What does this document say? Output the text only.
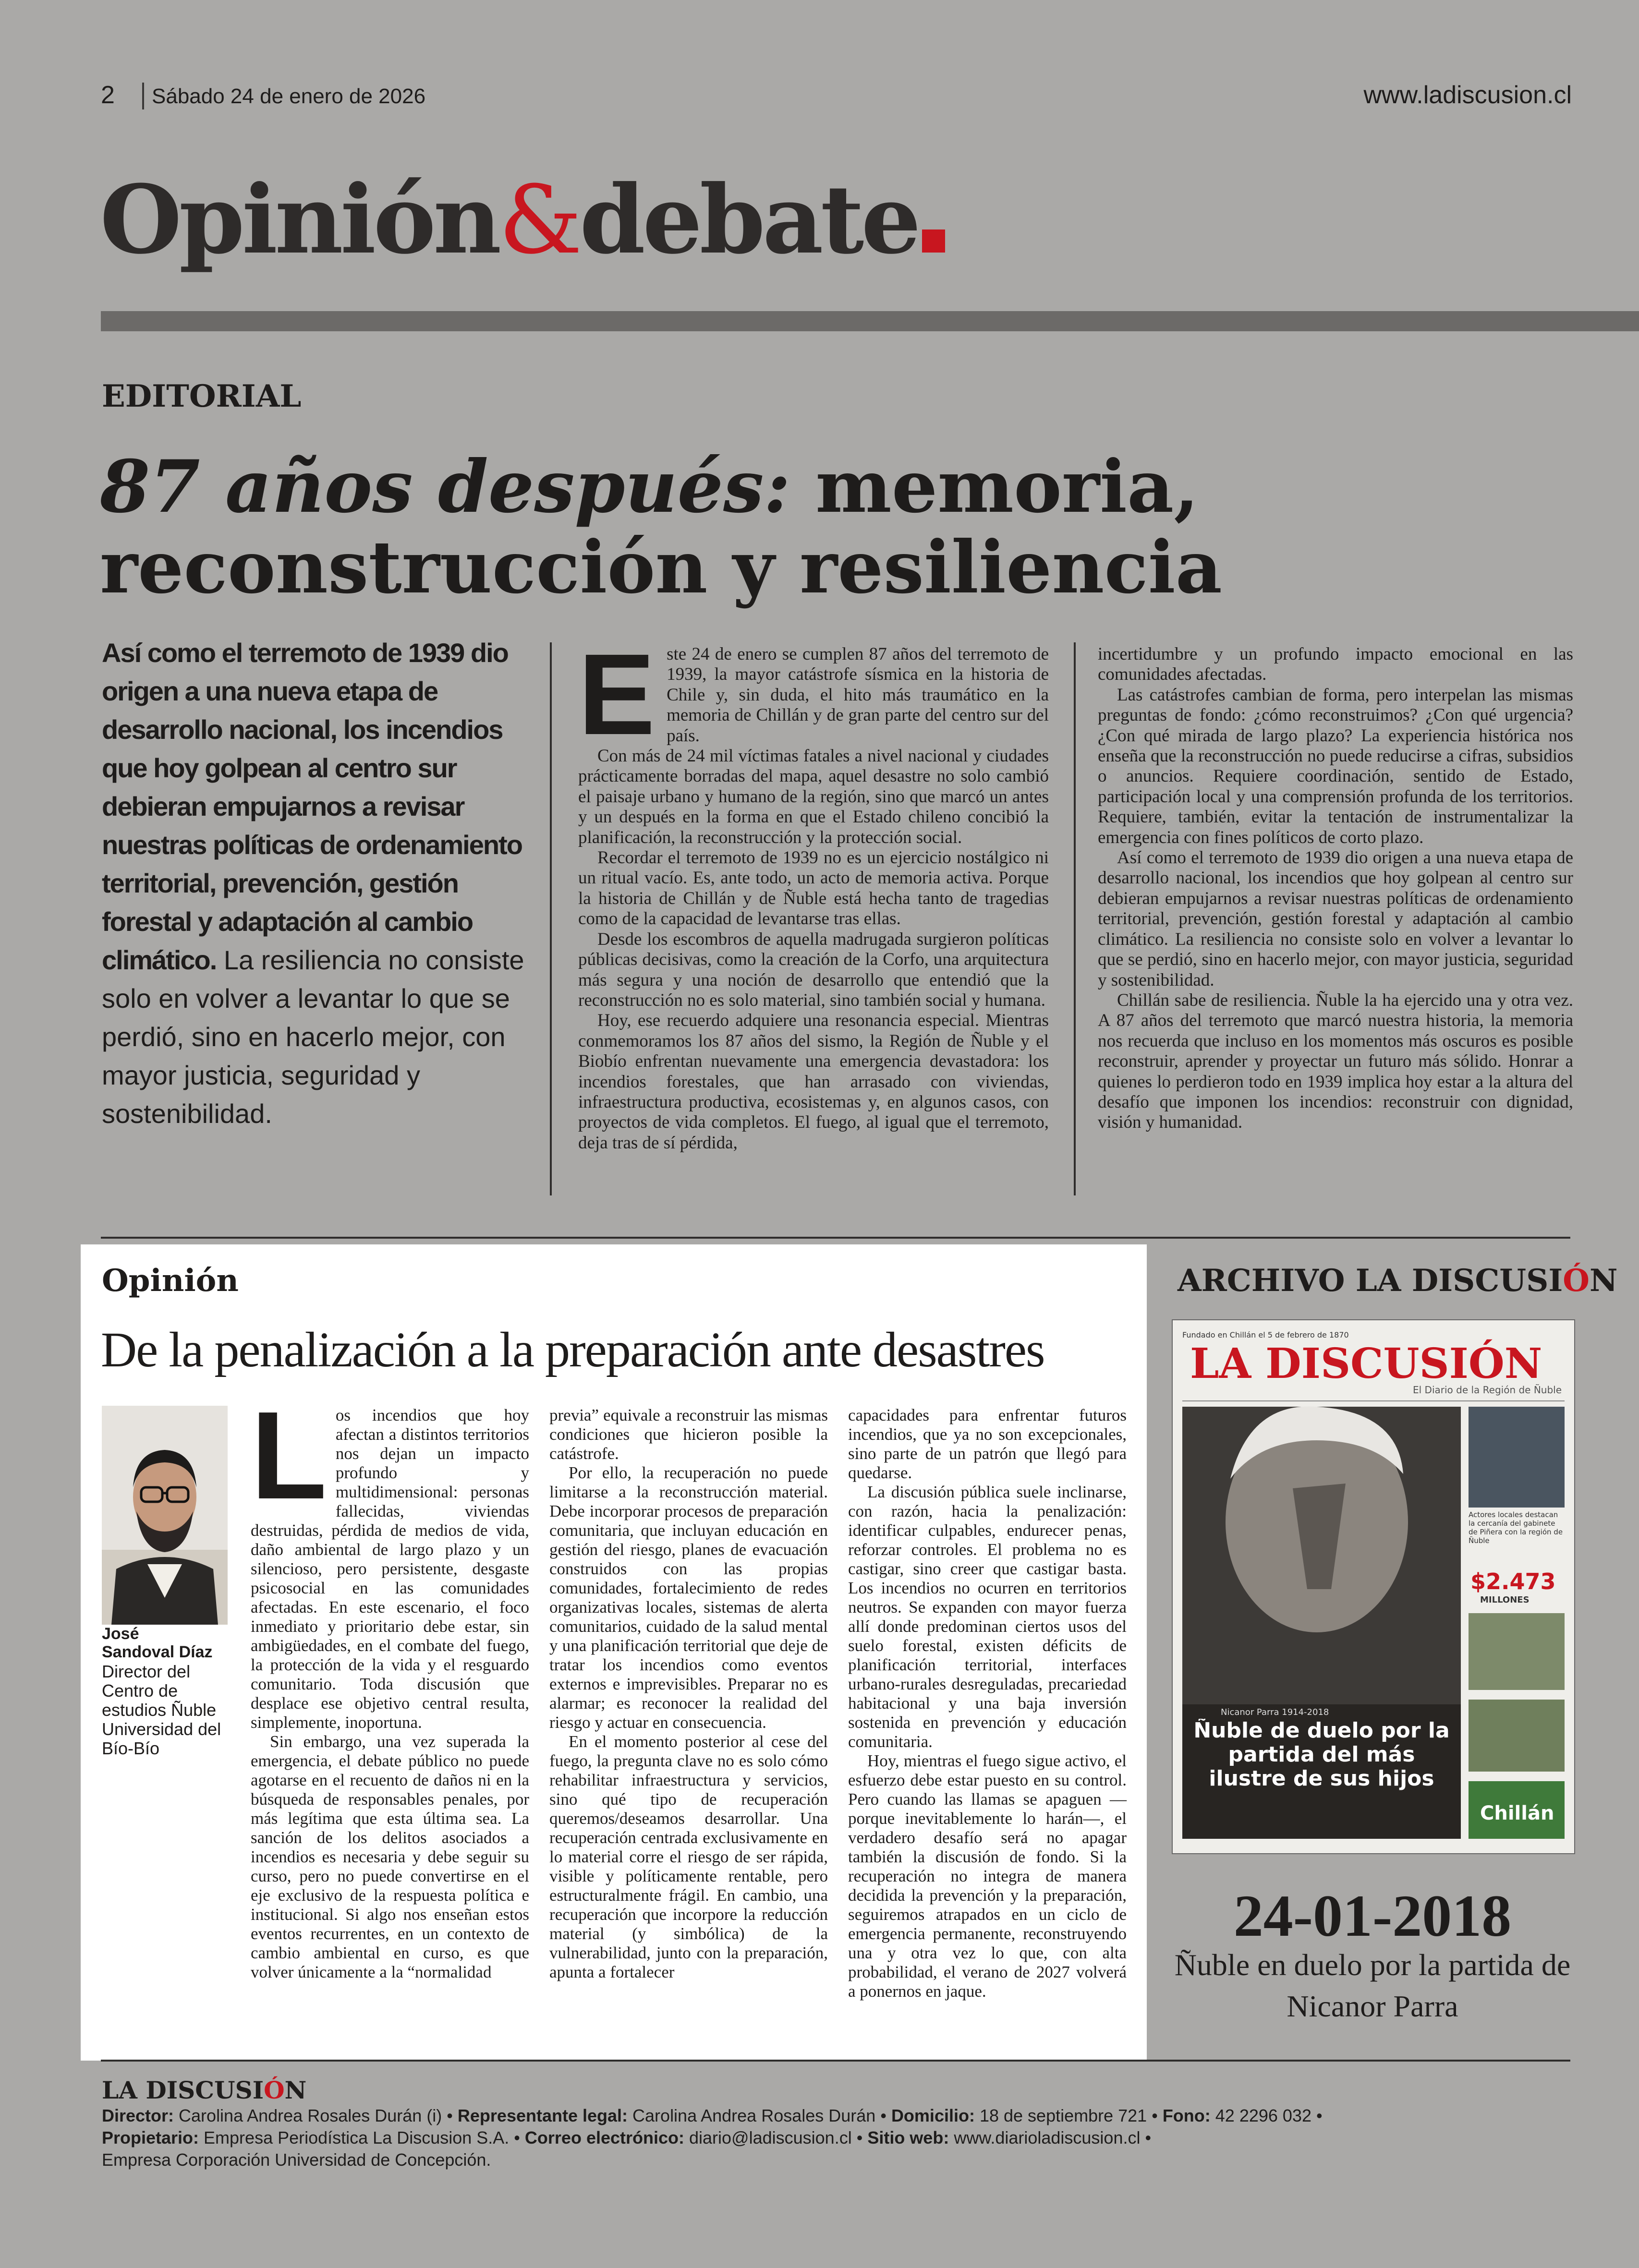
2 Sábado 24 de enero de 2026	www.ladiscusion.cl
Opinión&debate
EDITORIAL
87 años después: memoria, reconstrucción y resiliencia
Así como el terremoto de 1939 dio origen a una nueva etapa de desarrollo nacional, los incendios que hoy golpean al centro sur debieran empujarnos a revisar nuestras políticas de ordenamiento territorial, prevención, gestión forestal y adaptación al cambio climático. La resiliencia no consiste solo en volver a levantar lo que se perdió, sino en hacerlo mejor, con mayor justicia, seguridad y sostenibilidad.
E ste 24 de enero se cumplen 87 años del terremoto de 1939, la mayor catástrofe sísmica en la historia de Chile y, sin duda, el hito más traumático en la memoria de Chillán y de gran parte del centro sur del país.

Con más de 24 mil víctimas fatales a nivel nacional y ciudades prácticamente borradas del mapa, aquel desastre no solo cambió el paisaje urbano y humano de la región, sino que marcó un antes y un después en la forma en que el Estado chileno concibió la planificación, la reconstrucción y la protección social.

Recordar el terremoto de 1939 no es un ejercicio nostálgico ni un ritual vacío. Es, ante todo, un acto de memoria activa. Porque la historia de Chillán y de Ñuble está hecha tanto de tragedias como de la capacidad de levantarse tras ellas.

Desde los escombros de aquella madrugada surgieron políticas públicas decisivas, como la creación de la Corfo, una arquitectura más segura y una noción de desarrollo que entendió que la reconstrucción no es solo material, sino también social y humana.

Hoy, ese recuerdo adquiere una resonancia especial. Mientras conmemoramos los 87 años del sismo, la Región de Ñuble y el Biobío enfrentan nuevamente una emergencia devastadora: los incendios forestales, que han arrasado con viviendas, infraestructura productiva, ecosistemas y, en algunos casos, con proyectos de vida completos. El fuego, al igual que el terremoto, deja tras de sí pérdida,

incertidumbre y un profundo impacto emocional en las comunidades afectadas.

Las catástrofes cambian de forma, pero interpelan las mismas preguntas de fondo: ¿cómo reconstruimos? ¿Con qué urgencia? ¿Con qué mirada de largo plazo? La experiencia histórica nos enseña que la reconstrucción no puede reducirse a cifras, subsidios o anuncios. Requiere coordinación, sentido de Estado, participación local y una comprensión profunda de los territorios. Requiere, también, evitar la tentación de instrumentalizar la emergencia con fines políticos de corto plazo.

Así como el terremoto de 1939 dio origen a una nueva etapa de desarrollo nacional, los incendios que hoy golpean al centro sur debieran empujarnos a revisar nuestras políticas de ordenamiento territorial, prevención, gestión forestal y adaptación al cambio climático. La resiliencia no consiste solo en volver a levantar lo que se perdió, sino en hacerlo mejor, con mayor justicia, seguridad y sostenibilidad.

Chillán sabe de resiliencia. Ñuble la ha ejercido una y otra vez. A 87 años del terremoto que marcó nuestra historia, la memoria nos recuerda que incluso en los momentos más oscuros es posible reconstruir, aprender y proyectar un futuro más sólido. Honrar a quienes lo perdieron todo en 1939 implica hoy estar a la altura del desafío que imponen los incendios: reconstruir con dignidad, visión y humanidad.

Opinión
De la penalización a la preparación ante desastres
José
Sandoval Díaz
Director del Centro de estudios Ñuble Universidad del Bío-Bío
L os incendios que hoy afectan a distintos territorios nos dejan un impacto profundo y multidimensional: personas fallecidas, viviendas destruidas, pérdida de medios de vida, daño ambiental de largo plazo y un silencioso, pero persistente, desgaste psicosocial en las comunidades afectadas. En este escenario, el foco inmediato y prioritario debe estar, sin ambigüedades, en el combate del fuego, la protección de la vida y el resguardo comunitario. Toda discusión que desplace ese objetivo central resulta, simplemente, inoportuna.

Sin embargo, una vez superada la emergencia, el debate público no puede agotarse en el recuento de daños ni en la búsqueda de responsables penales, por más legítima que esta última sea. La sanción de los delitos asociados a incendios es necesaria y debe seguir su curso, pero no puede convertirse en el eje exclusivo de la respuesta política e institucional. Si algo nos enseñan estos eventos recurrentes, en un contexto de cambio ambiental en curso, es que volver únicamente a la “normalidad

previa” equivale a reconstruir las mismas condiciones que hicieron posible la catástrofe.

Por ello, la recuperación no puede limitarse a la reconstrucción material. Debe incorporar procesos de preparación comunitaria, que incluyan educación en gestión del riesgo, planes de evacuación construidos con las propias comunidades, fortalecimiento de redes organizativas locales, sistemas de alerta comunitarios, cuidado de la salud mental y una planificación territorial que deje de tratar los incendios como eventos externos e imprevisibles. Preparar no es alarmar; es reconocer la realidad del riesgo y actuar en consecuencia.

En el momento posterior al cese del fuego, la pregunta clave no es solo cómo rehabilitar infraestructura y servicios, sino qué tipo de recuperación queremos/deseamos desarrollar. Una recuperación centrada exclusivamente en lo material corre el riesgo de ser rápida, visible y políticamente rentable, pero estructuralmente frágil. En cambio, una recuperación que incorpore la reducción material (y simbólica) de la vulnerabilidad, junto con la preparación, apunta a fortalecer

capacidades para enfrentar futuros incendios, que ya no son excepcionales, sino parte de un patrón que llegó para quedarse.

La discusión pública suele inclinarse, con razón, hacia la penalización: identificar culpables, endurecer penas, reforzar controles. El problema no es castigar, sino creer que castigar basta. Los incendios no ocurren en territorios neutros. Se expanden con mayor fuerza allí donde predominan ciertos usos del suelo forestal, existen déficits de planificación territorial, interfaces urbano-rurales desreguladas, precariedad habitacional y una baja inversión sostenida en prevención y educación comunitaria.

Hoy, mientras el fuego sigue activo, el esfuerzo debe estar puesto en su control. Pero cuando las llamas se apaguen —porque inevitablemente lo harán—, el verdadero desafío será no apagar también la discusión de fondo. Si la recuperación no integra de manera decidida la prevención y la preparación, seguiremos atrapados en un ciclo de emergencia permanente, reconstruyendo una y otra vez lo que, con alta probabilidad, el verano de 2027 volverá a ponernos en jaque.

ARCHIVO LA DISCUSIÓN
Fundado en Chillán el 5 de febrero de 1870
LA DISCUSIÓN
El Diario de la Región de Ñuble
Nicanor Parra 1914-2018
Ñuble de duelo por la partida del más ilustre de sus hijos
Actores locales destacan la cercanía del gabinete de Piñera con la región de Ñuble
$2.473
MILLONES
Chillán
24-01-2018
Ñuble en duelo por la partida de Nicanor Parra
LA DISCUSIÓN
Director: Carolina Andrea Rosales Durán (i) • Representante legal: Carolina Andrea Rosales Durán • Domicilio: 18 de septiembre 721 • Fono: 42 2296 032 •
Propietario: Empresa Periodística La Discusion S.A. • Correo electrónico: diario@ladiscusion.cl • Sitio web: www.diarioladiscusion.cl •
Empresa Corporación Universidad de Concepción.
